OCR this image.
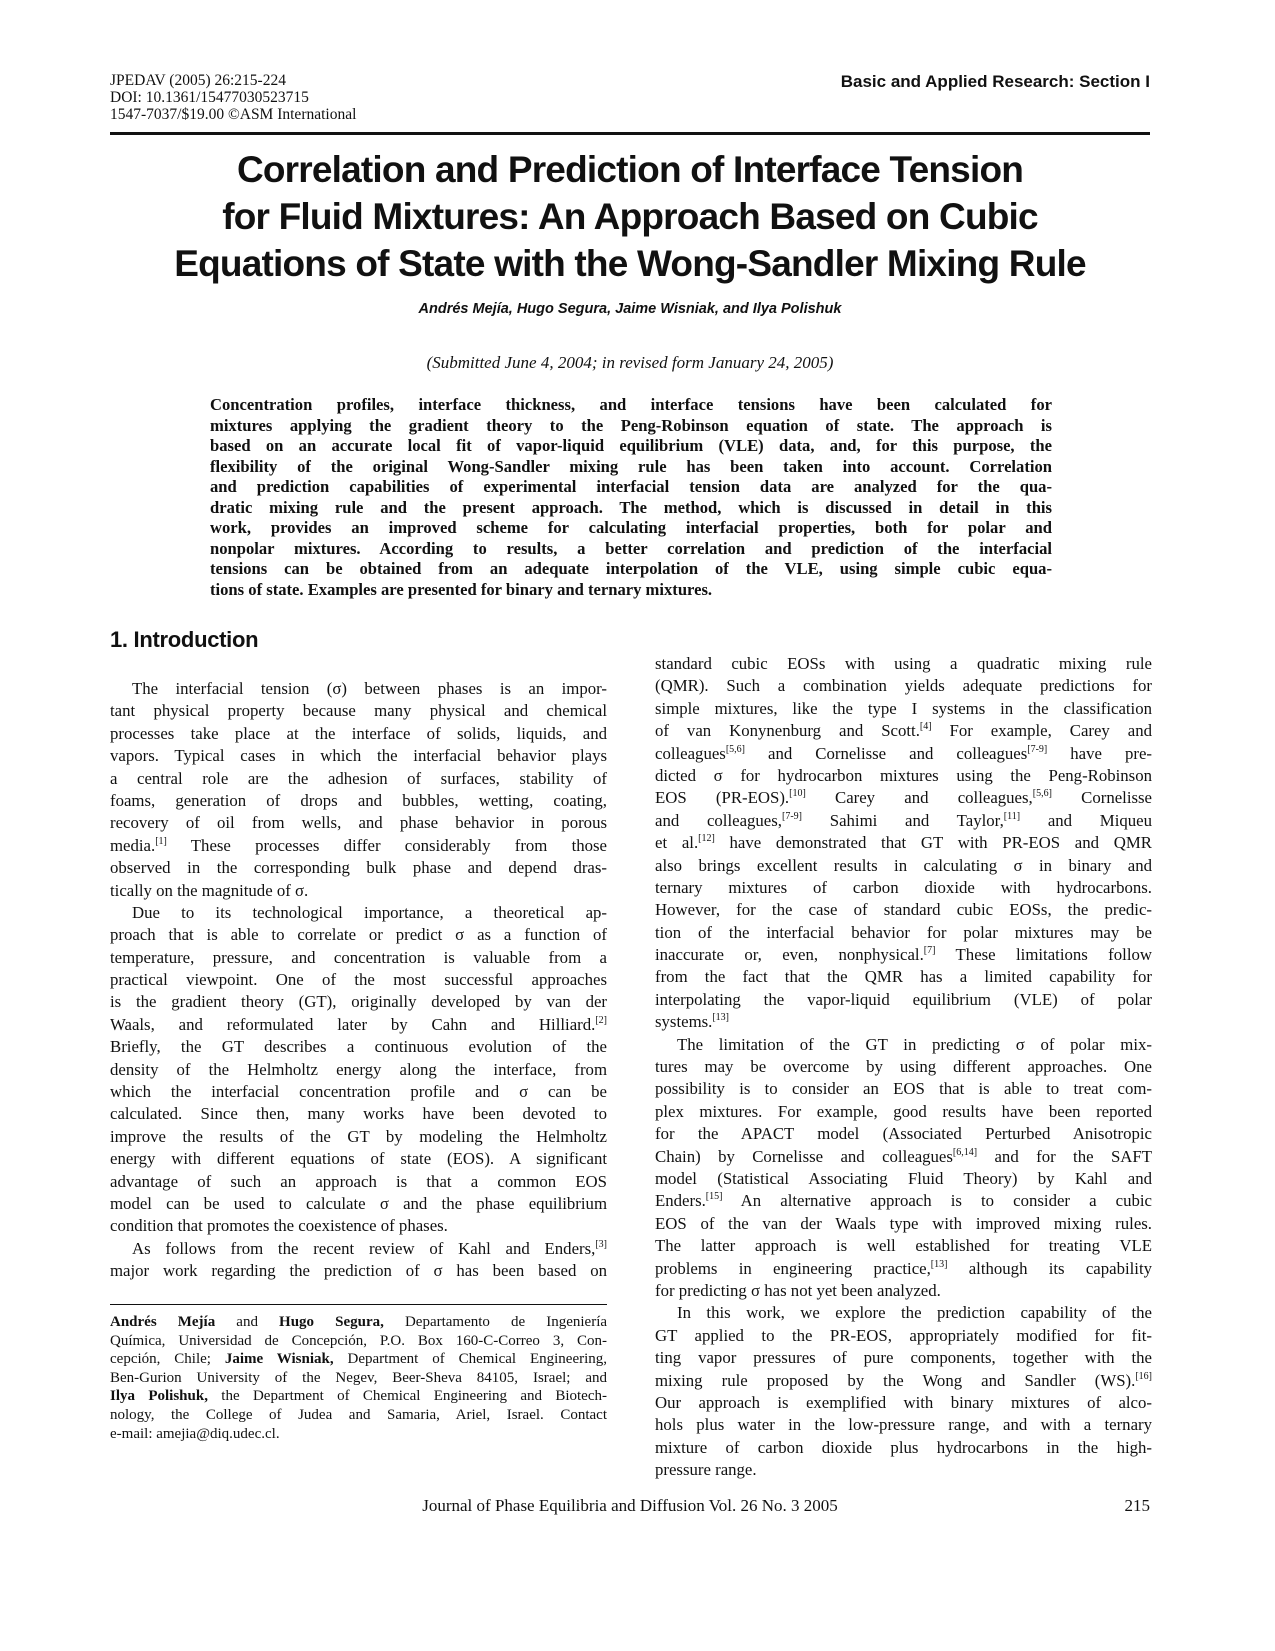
JPEDAV (2005) 26:215-224
DOI: 10.1361/15477030523715
1547-7037/$19.00 ©ASM International
Basic and Applied Research: Section I
Correlation and Prediction of Interface Tension
for Fluid Mixtures: An Approach Based on Cubic
Equations of State with the Wong-Sandler Mixing Rule
Andrés Mejía, Hugo Segura, Jaime Wisniak, and Ilya Polishuk
(Submitted June 4, 2004; in revised form January 24, 2005)
Concentration profiles, interface thickness, and interface tensions have been calculated for
mixtures applying the gradient theory to the Peng-Robinson equation of state. The approach is
based on an accurate local fit of vapor-liquid equilibrium (VLE) data, and, for this purpose, the
flexibility of the original Wong-Sandler mixing rule has been taken into account. Correlation
and prediction capabilities of experimental interfacial tension data are analyzed for the qua-
dratic mixing rule and the present approach. The method, which is discussed in detail in this
work, provides an improved scheme for calculating interfacial properties, both for polar and
nonpolar mixtures. According to results, a better correlation and prediction of the interfacial
tensions can be obtained from an adequate interpolation of the VLE, using simple cubic equa-
tions of state. Examples are presented for binary and ternary mixtures.
1. Introduction

The interfacial tension (σ) between phases is an impor-
tant physical property because many physical and chemical
processes take place at the interface of solids, liquids, and
vapors. Typical cases in which the interfacial behavior plays
a central role are the adhesion of surfaces, stability of
foams, generation of drops and bubbles, wetting, coating,
recovery of oil from wells, and phase behavior in porous
media.[1] These processes differ considerably from those
observed in the corresponding bulk phase and depend dras-
tically on the magnitude of σ.

Due to its technological importance, a theoretical ap-
proach that is able to correlate or predict σ as a function of
temperature, pressure, and concentration is valuable from a
practical viewpoint. One of the most successful approaches
is the gradient theory (GT), originally developed by van der
Waals, and reformulated later by Cahn and Hilliard.[2]
Briefly, the GT describes a continuous evolution of the
density of the Helmholtz energy along the interface, from
which the interfacial concentration profile and σ can be
calculated. Since then, many works have been devoted to
improve the results of the GT by modeling the Helmholtz
energy with different equations of state (EOS). A significant
advantage of such an approach is that a common EOS
model can be used to calculate σ and the phase equilibrium
condition that promotes the coexistence of phases.

As follows from the recent review of Kahl and Enders,[3]
major work regarding the prediction of σ has been based on

Andrés Mejía and Hugo Segura, Departamento de Ingeniería
Química, Universidad de Concepción, P.O. Box 160-C-Correo 3, Con-
cepción, Chile; Jaime Wisniak, Department of Chemical Engineering,
Ben-Gurion University of the Negev, Beer-Sheva 84105, Israel; and
Ilya Polishuk, the Department of Chemical Engineering and Biotech-
nology, the College of Judea and Samaria, Ariel, Israel. Contact
e-mail: amejia@diq.udec.cl.

standard cubic EOSs with using a quadratic mixing rule
(QMR). Such a combination yields adequate predictions for
simple mixtures, like the type I systems in the classification
of van Konynenburg and Scott.[4] For example, Carey and
colleagues[5,6] and Cornelisse and colleagues[7-9] have pre-
dicted σ for hydrocarbon mixtures using the Peng-Robinson
EOS (PR-EOS).[10] Carey and colleagues,[5,6] Cornelisse
and colleagues,[7-9] Sahimi and Taylor,[11] and Miqueu
et al.[12] have demonstrated that GT with PR-EOS and QMR
also brings excellent results in calculating σ in binary and
ternary mixtures of carbon dioxide with hydrocarbons.
However, for the case of standard cubic EOSs, the predic-
tion of the interfacial behavior for polar mixtures may be
inaccurate or, even, nonphysical.[7] These limitations follow
from the fact that the QMR has a limited capability for
interpolating the vapor-liquid equilibrium (VLE) of polar
systems.[13]

The limitation of the GT in predicting σ of polar mix-
tures may be overcome by using different approaches. One
possibility is to consider an EOS that is able to treat com-
plex mixtures. For example, good results have been reported
for the APACT model (Associated Perturbed Anisotropic
Chain) by Cornelisse and colleagues[6,14] and for the SAFT
model (Statistical Associating Fluid Theory) by Kahl and
Enders.[15] An alternative approach is to consider a cubic
EOS of the van der Waals type with improved mixing rules.
The latter approach is well established for treating VLE
problems in engineering practice,[13] although its capability
for predicting σ has not yet been analyzed.

In this work, we explore the prediction capability of the
GT applied to the PR-EOS, appropriately modified for fit-
ting vapor pressures of pure components, together with the
mixing rule proposed by the Wong and Sandler (WS).[16]
Our approach is exemplified with binary mixtures of alco-
hols plus water in the low-pressure range, and with a ternary
mixture of carbon dioxide plus hydrocarbons in the high-
pressure range.

Journal of Phase Equilibria and Diffusion Vol. 26 No. 3 2005	215
